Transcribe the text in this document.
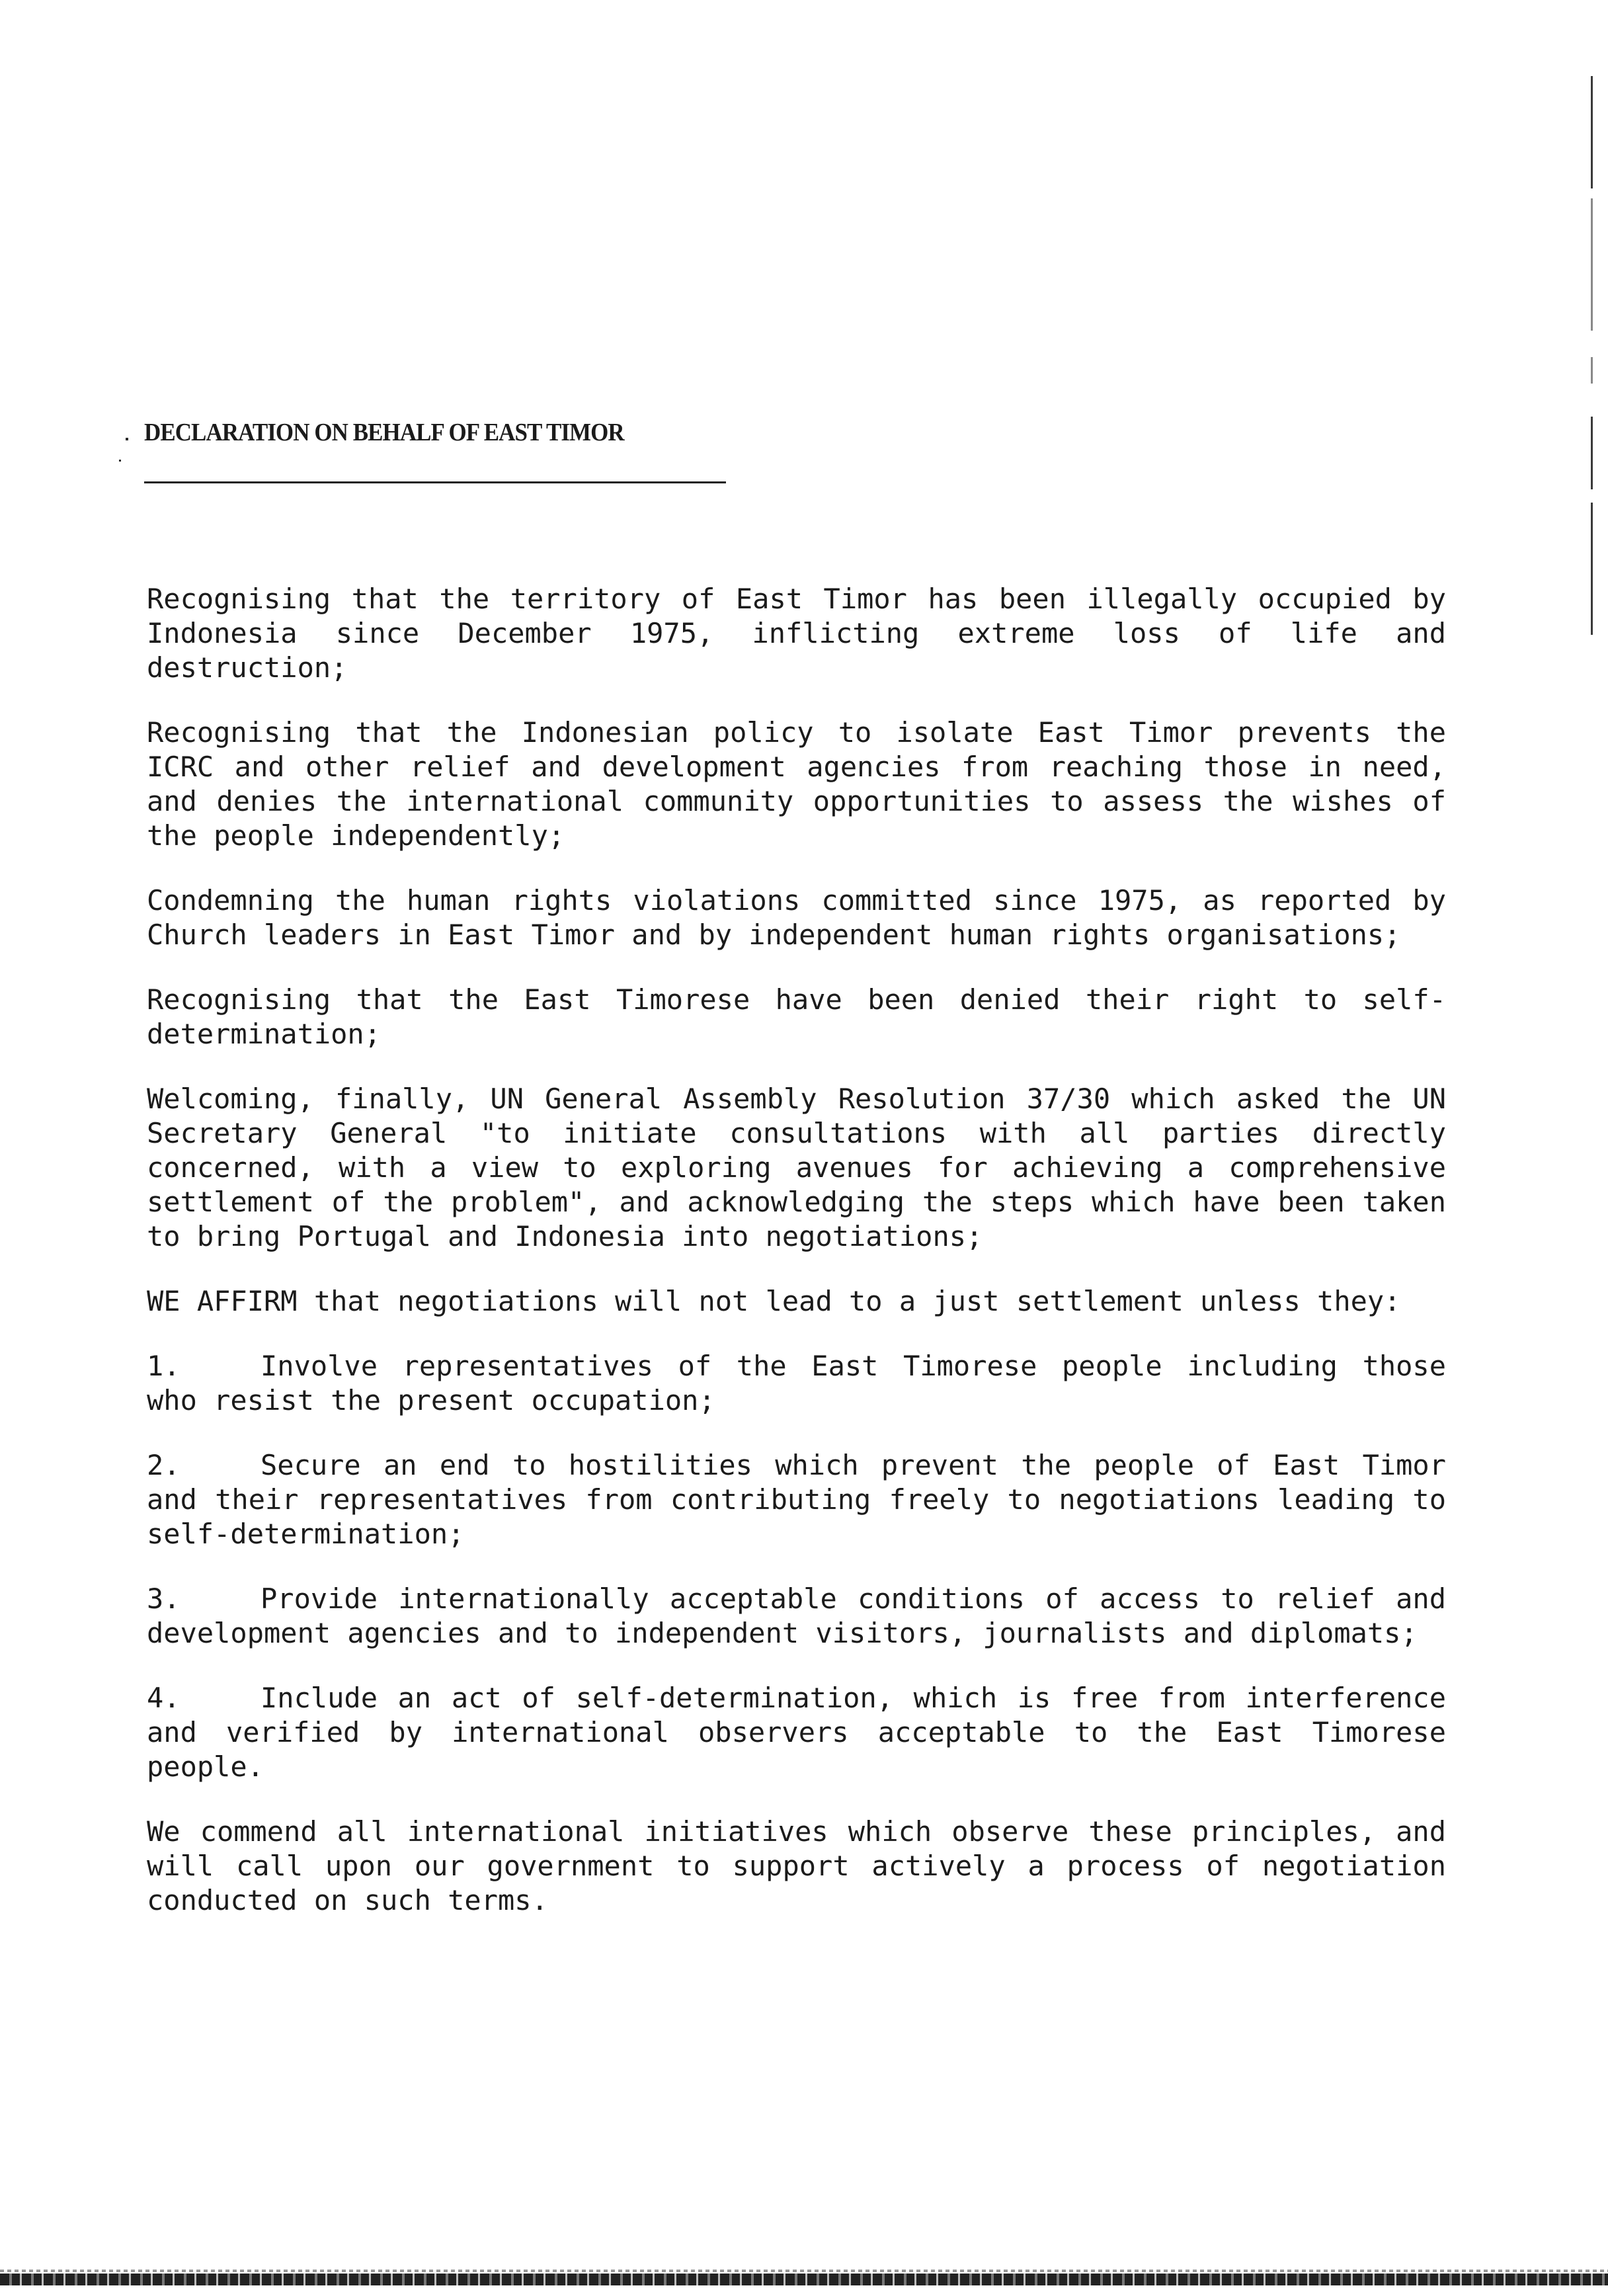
DECLARATION ON BEHALF OF EAST TIMOR

Recognising that the territory of East Timor has been illegally occupied by Indonesia since December 1975, inflicting extreme loss of life and destruction;

Recognising that the Indonesian policy to isolate East Timor prevents the ICRC and other relief and development agencies from reaching those in need, and denies the international community opportunities to assess the wishes of the people independently;

Condemning the human rights violations committed since 1975, as reported by Church leaders in East Timor and by independent human rights organisations;

Recognising that the East Timorese have been denied their right to self-determination;

Welcoming, finally, UN General Assembly Resolution 37/30 which asked the UN Secretary General "to initiate consultations with all parties directly concerned, with a view to exploring avenues for achieving a comprehensive settlement of the problem", and acknowledging the steps which have been taken to bring Portugal and Indonesia into negotiations;

WE AFFIRM that negotiations will not lead to a just settlement unless they:

1.	Involve representatives of the East Timorese people including those who resist the present occupation;

2.	Secure an end to hostilities which prevent the people of East Timor and their representatives from contributing freely to negotiations leading to self-determination;

3.	Provide internationally acceptable conditions of access to relief and development agencies and to independent visitors, journalists and diplomats;

4.	Include an act of self-determination, which is free from interference and verified by international observers acceptable to the East Timorese people.

We commend all international initiatives which observe these principles, and will call upon our government to support actively a process of negotiation conducted on such terms.
